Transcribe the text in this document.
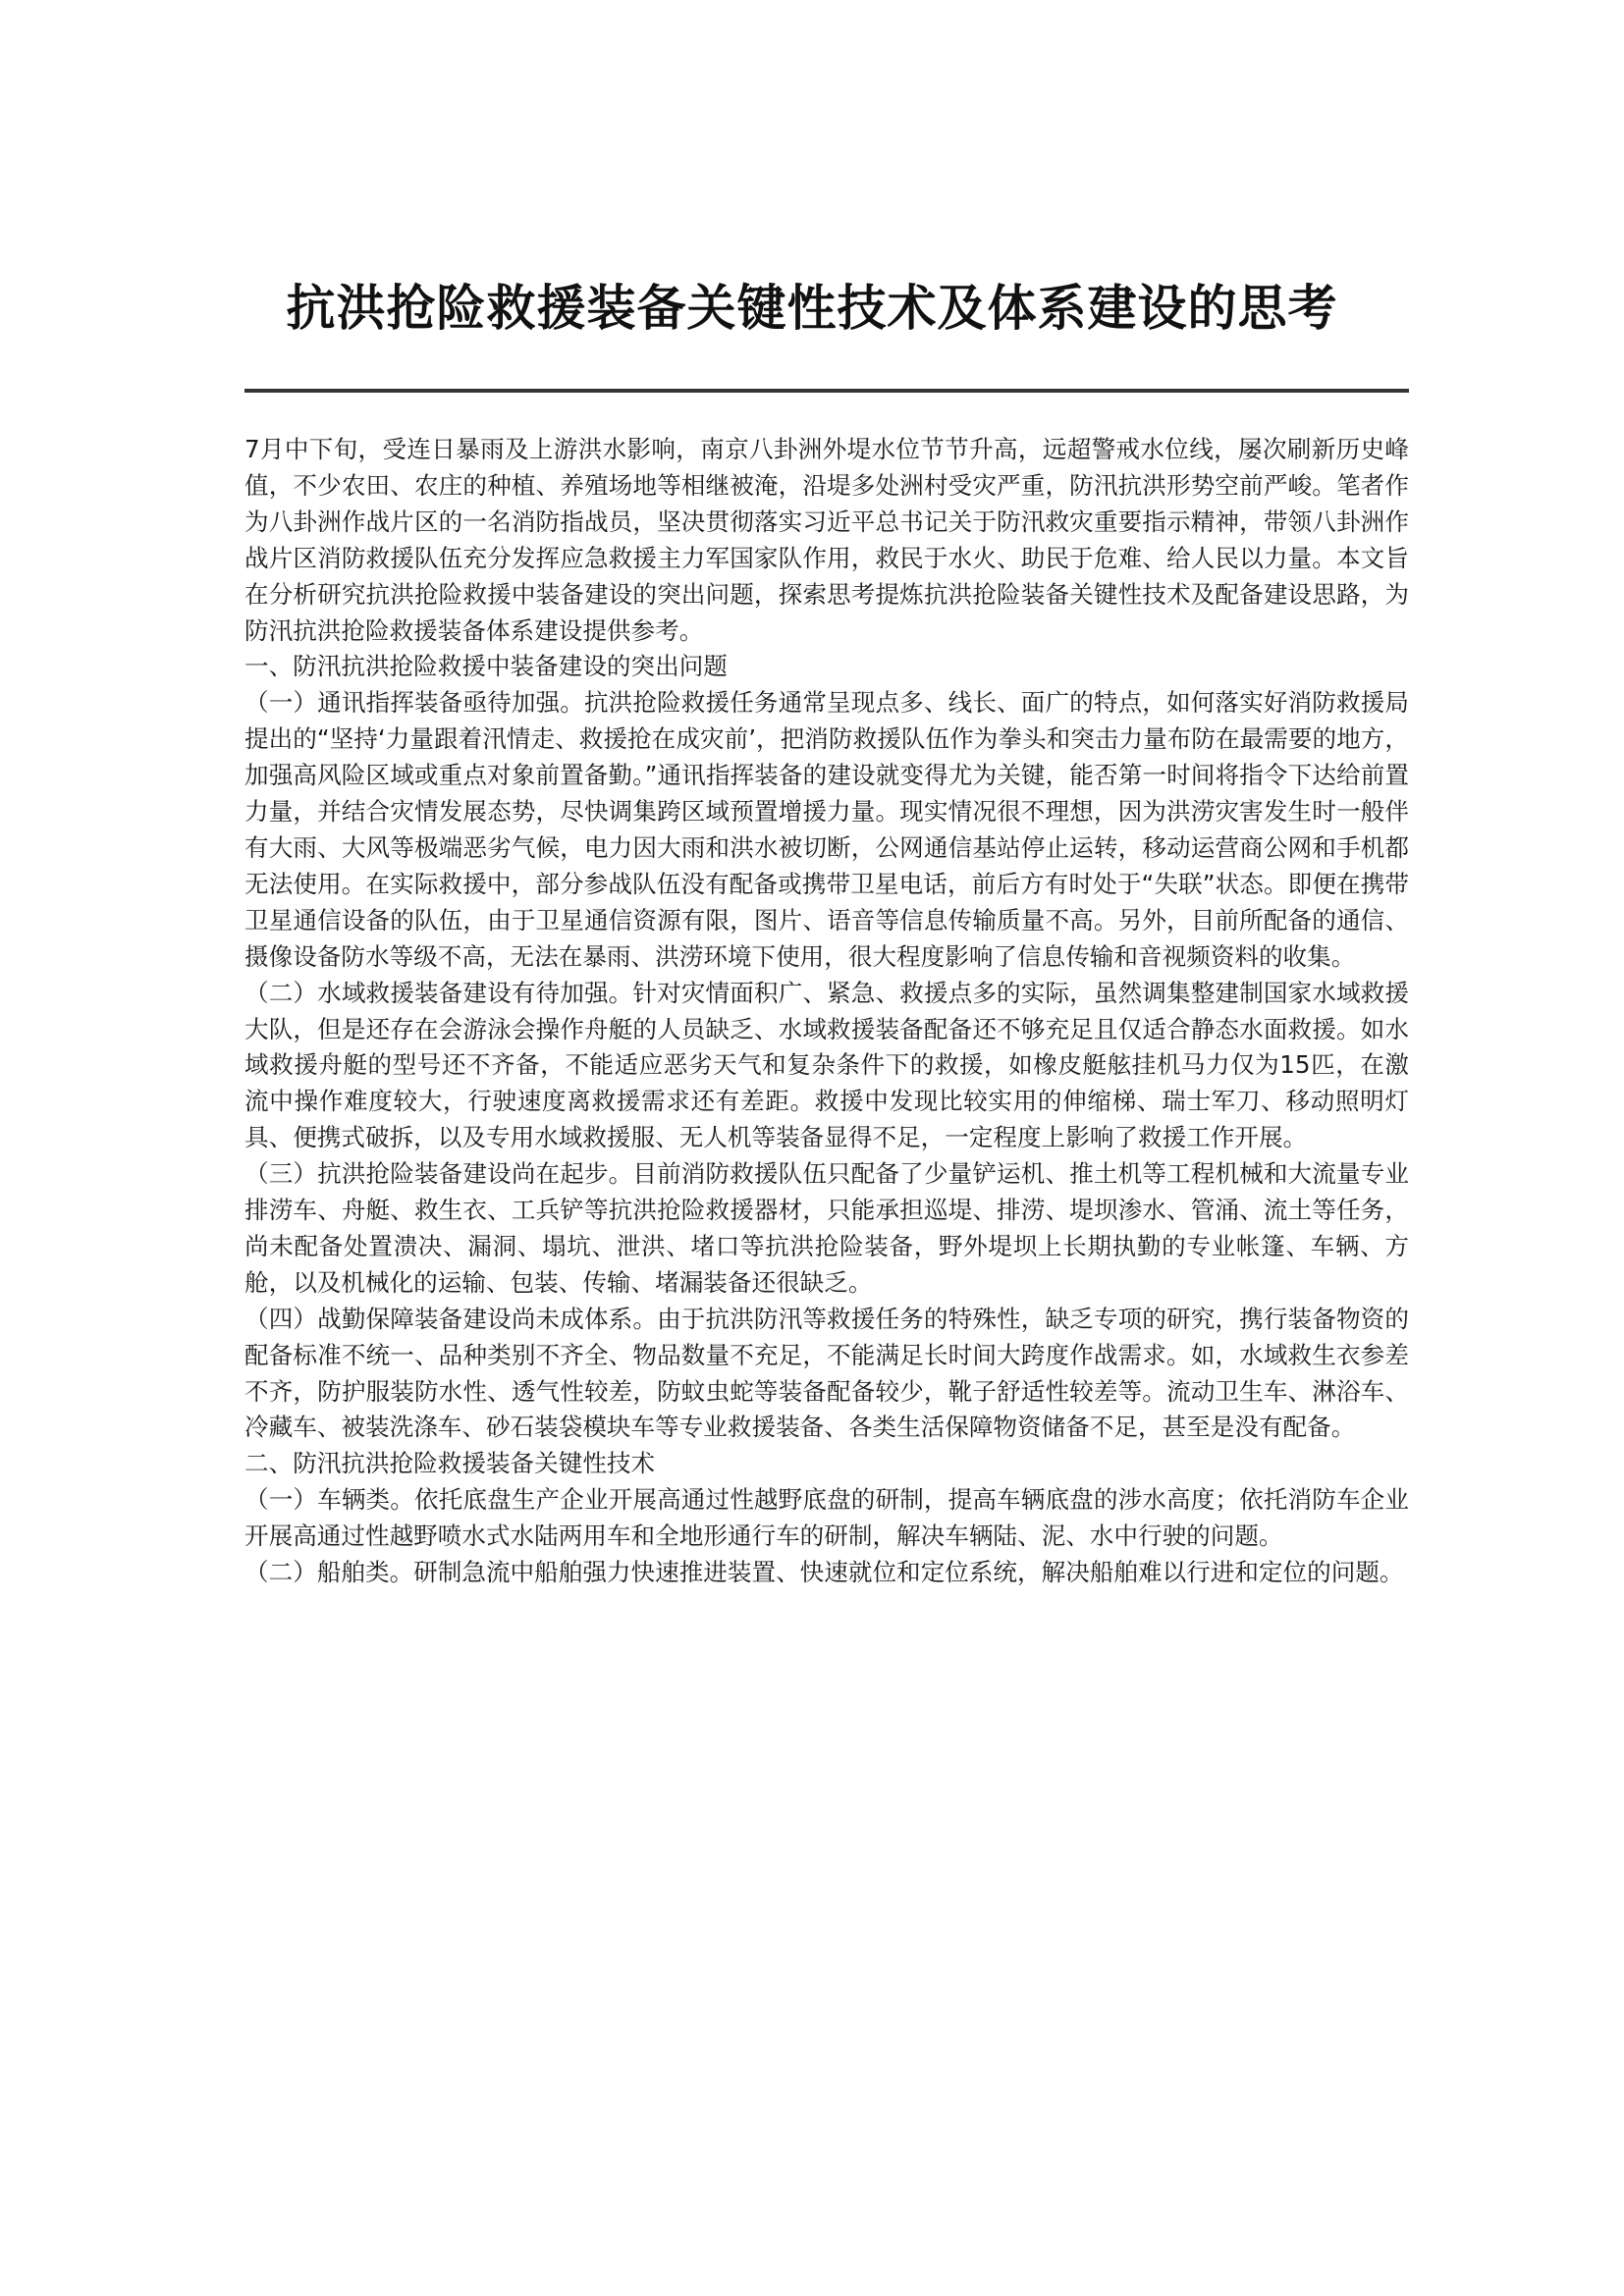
抗洪抢险救援装备关键性技术及体系建设的思考

7月中下旬，受连日暴雨及上游洪水影响，南京八卦洲外堤水位节节升高，远超警戒水位线，屡次刷新历史峰值，不少农田、农庄的种植、养殖场地等相继被淹，沿堤多处洲村受灾严重，防汛抗洪形势空前严峻。笔者作为八卦洲作战片区的一名消防指战员，坚决贯彻落实习近平总书记关于防汛救灾重要指示精神，带领八卦洲作战片区消防救援队伍充分发挥应急救援主力军国家队作用，救民于水火、助民于危难、给人民以力量。本文旨在分析研究抗洪抢险救援中装备建设的突出问题，探索思考提炼抗洪抢险装备关键性技术及配备建设思路，为防汛抗洪抢险救援装备体系建设提供参考。

一、防汛抗洪抢险救援中装备建设的突出问题

（一）通讯指挥装备亟待加强。抗洪抢险救援任务通常呈现点多、线长、面广的特点，如何落实好消防救援局提出的“坚持‘力量跟着汛情走、救援抢在成灾前’，把消防救援队伍作为拳头和突击力量布防在最需要的地方，加强高风险区域或重点对象前置备勤。”通讯指挥装备的建设就变得尤为关键，能否第一时间将指令下达给前置力量，并结合灾情发展态势，尽快调集跨区域预置增援力量。现实情况很不理想，因为洪涝灾害发生时一般伴有大雨、大风等极端恶劣气候，电力因大雨和洪水被切断，公网通信基站停止运转，移动运营商公网和手机都无法使用。在实际救援中，部分参战队伍没有配备或携带卫星电话，前后方有时处于“失联”状态。即便在携带卫星通信设备的队伍，由于卫星通信资源有限，图片、语音等信息传输质量不高。另外，目前所配备的通信、摄像设备防水等级不高，无法在暴雨、洪涝环境下使用，很大程度影响了信息传输和音视频资料的收集。

（二）水域救援装备建设有待加强。针对灾情面积广、紧急、救援点多的实际，虽然调集整建制国家水域救援大队，但是还存在会游泳会操作舟艇的人员缺乏、水域救援装备配备还不够充足且仅适合静态水面救援。如水域救援舟艇的型号还不齐备，不能适应恶劣天气和复杂条件下的救援，如橡皮艇舷挂机马力仅为15匹，在激流中操作难度较大，行驶速度离救援需求还有差距。救援中发现比较实用的伸缩梯、瑞士军刀、移动照明灯具、便携式破拆，以及专用水域救援服、无人机等装备显得不足，一定程度上影响了救援工作开展。

（三）抗洪抢险装备建设尚在起步。目前消防救援队伍只配备了少量铲运机、推土机等工程机械和大流量专业排涝车、舟艇、救生衣、工兵铲等抗洪抢险救援器材，只能承担巡堤、排涝、堤坝渗水、管涌、流土等任务，尚未配备处置溃决、漏洞、塌坑、泄洪、堵口等抗洪抢险装备，野外堤坝上长期执勤的专业帐篷、车辆、方舱，以及机械化的运输、包装、传输、堵漏装备还很缺乏。

（四）战勤保障装备建设尚未成体系。由于抗洪防汛等救援任务的特殊性，缺乏专项的研究，携行装备物资的配备标准不统一、品种类别不齐全、物品数量不充足，不能满足长时间大跨度作战需求。如，水域救生衣参差不齐，防护服装防水性、透气性较差，防蚊虫蛇等装备配备较少，靴子舒适性较差等。流动卫生车、淋浴车、冷藏车、被装洗涤车、砂石装袋模块车等专业救援装备、各类生活保障物资储备不足，甚至是没有配备。

二、防汛抗洪抢险救援装备关键性技术

（一）车辆类。依托底盘生产企业开展高通过性越野底盘的研制，提高车辆底盘的涉水高度；依托消防车企业开展高通过性越野喷水式水陆两用车和全地形通行车的研制，解决车辆陆、泥、水中行驶的问题。

（二）船舶类。研制急流中船舶强力快速推进装置、快速就位和定位系统，解决船舶难以行进和定位的问题。
